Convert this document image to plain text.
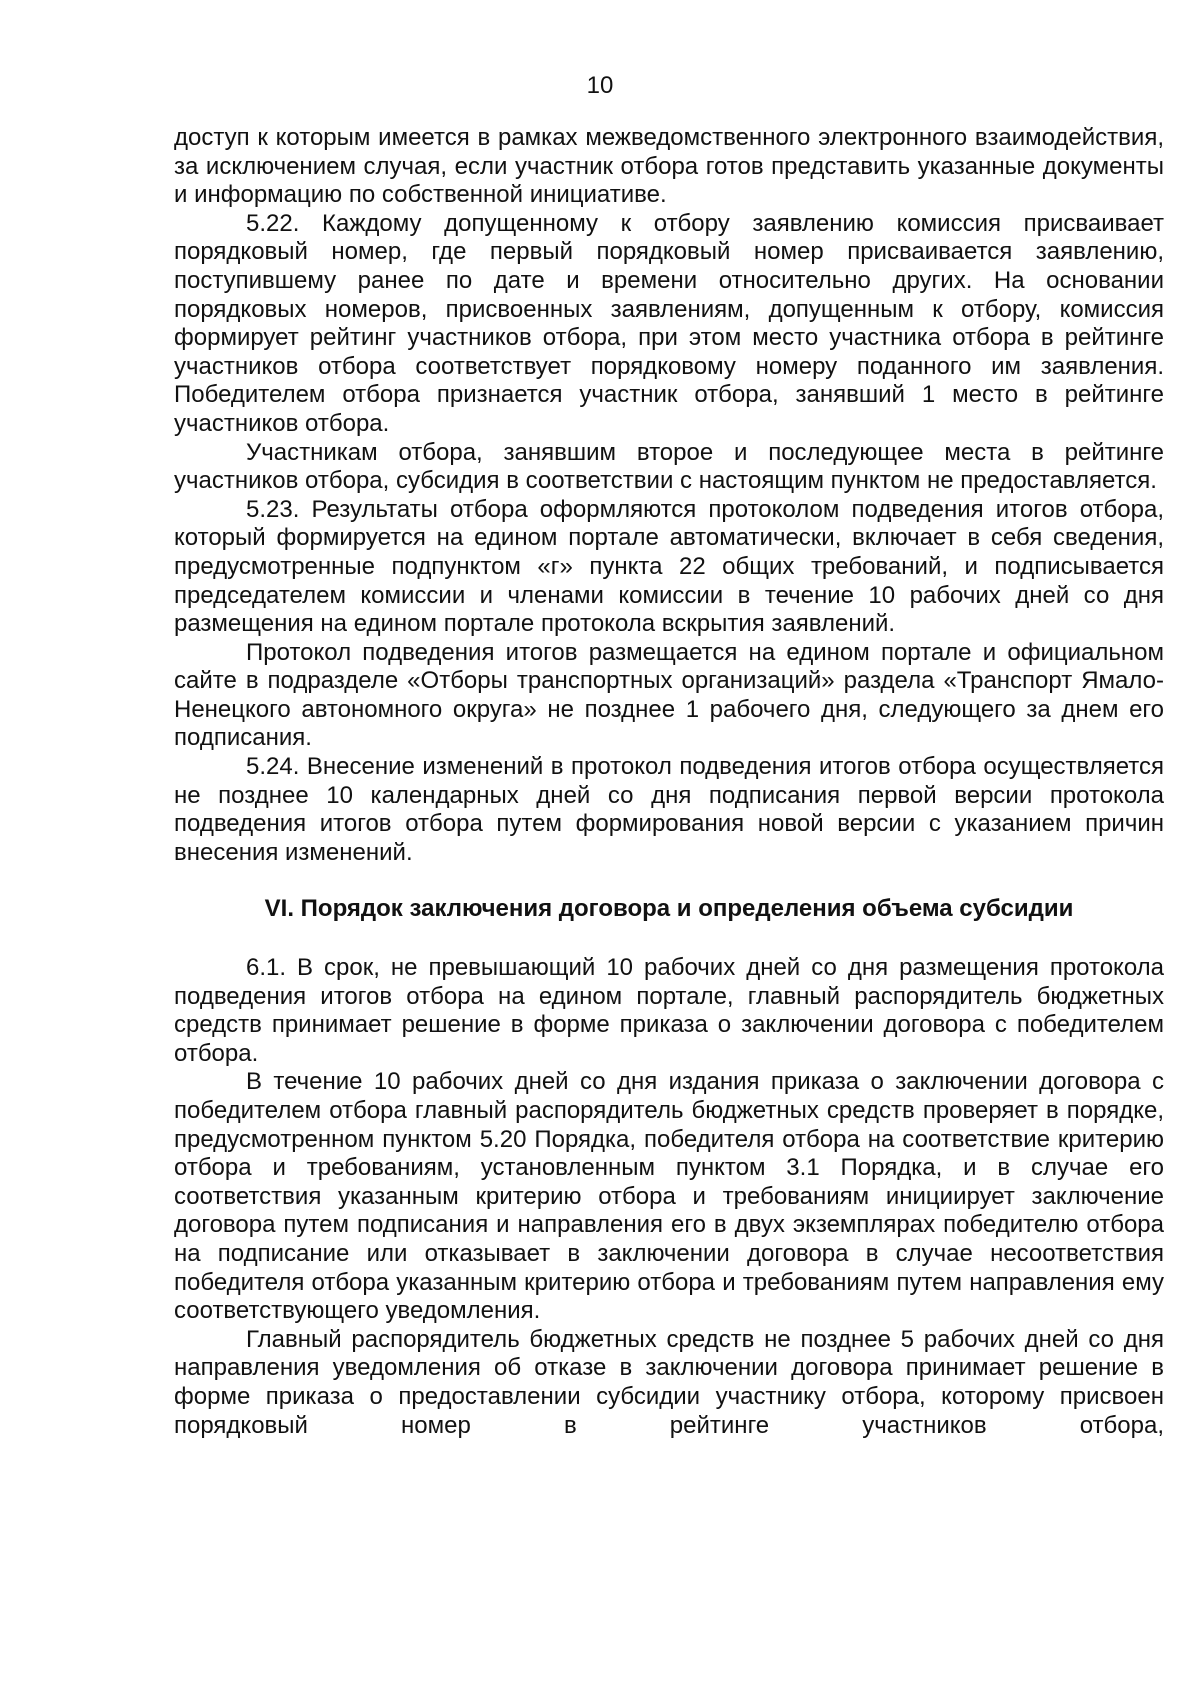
10

доступ к которым имеется в рамках межведомственного электронного взаимодействия, за исключением случая, если участник отбора готов представить указанные документы и информацию по собственной инициативе.

5.22. Каждому допущенному к отбору заявлению комиссия присваивает порядковый номер, где первый порядковый номер присваивается заявлению, поступившему ранее по дате и времени относительно других. На основании порядковых номеров, присвоенных заявлениям, допущенным к отбору, комиссия формирует рейтинг участников отбора, при этом место участника отбора в рейтинге участников отбора соответствует порядковому номеру поданного им заявления. Победителем отбора признается участник отбора, занявший 1 место в рейтинге участников отбора.

Участникам отбора, занявшим второе и последующее места в рейтинге участников отбора, субсидия в соответствии с настоящим пунктом не предоставляется.

5.23. Результаты отбора оформляются протоколом подведения итогов отбора, который формируется на едином портале автоматически, включает в себя сведения, предусмотренные подпунктом «г» пункта 22 общих требований, и подписывается председателем комиссии и членами комиссии в течение 10 рабочих дней со дня размещения на едином портале протокола вскрытия заявлений.

Протокол подведения итогов размещается на едином портале и официальном сайте в подразделе «Отборы транспортных организаций» раздела «Транспорт Ямало-Ненецкого автономного округа» не позднее 1 рабочего дня, следующего за днем его подписания.

5.24. Внесение изменений в протокол подведения итогов отбора осуществляется не позднее 10 календарных дней со дня подписания первой версии протокола подведения итогов отбора путем формирования новой версии с указанием причин внесения изменений.

VI. Порядок заключения договора и определения объема субсидии

6.1. В срок, не превышающий 10 рабочих дней со дня размещения протокола подведения итогов отбора на едином портале, главный распорядитель бюджетных средств принимает решение в форме приказа о заключении договора с победителем отбора.

В течение 10 рабочих дней со дня издания приказа о заключении договора с победителем отбора главный распорядитель бюджетных средств проверяет в порядке, предусмотренном пунктом 5.20 Порядка, победителя отбора на соответствие критерию отбора и требованиям, установленным пунктом 3.1 Порядка, и в случае его соответствия указанным критерию отбора и требованиям инициирует заключение договора путем подписания и направления его в двух экземплярах победителю отбора на подписание или отказывает в заключении договора в случае несоответствия победителя отбора указанным критерию отбора и требованиям путем направления ему соответствующего уведомления.

Главный распорядитель бюджетных средств не позднее 5 рабочих дней со дня направления уведомления об отказе в заключении договора принимает решение в форме приказа о предоставлении субсидии участнику отбора, которому присвоен порядковый номер в рейтинге участников отбора,
